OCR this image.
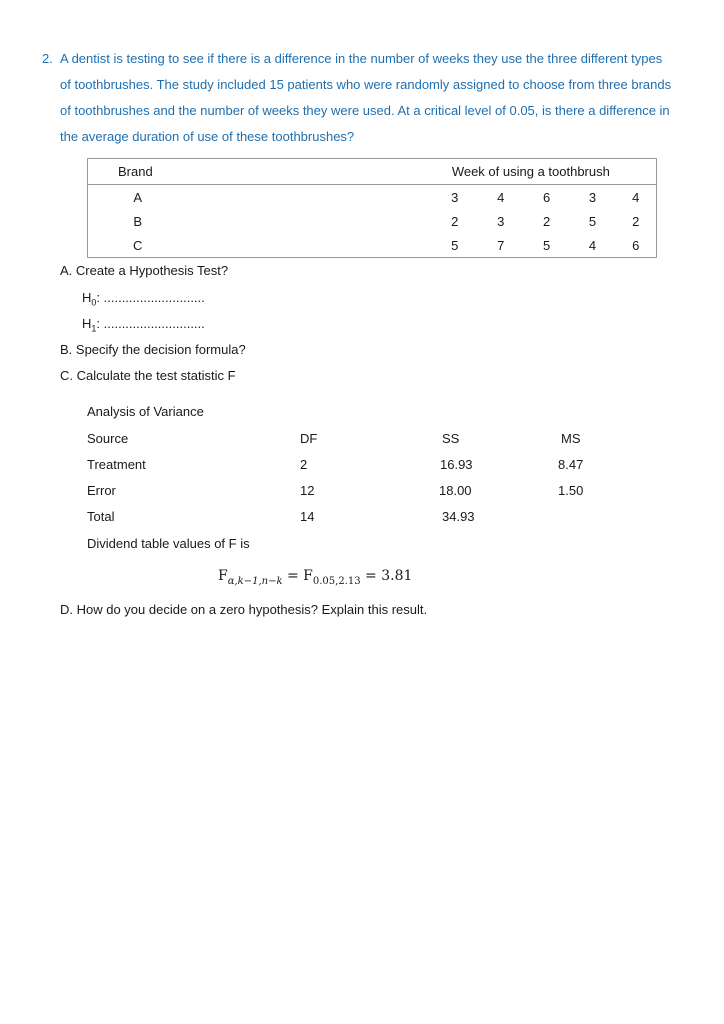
2. A dentist is testing to see if there is a difference in the number of weeks they use the three different types
of toothbrushes. The study included 15 patients who were randomly assigned to choose from three brands
of toothbrushes and the number of weeks they were used. At a critical level of 0.05, is there a difference in
the average duration of use of these toothbrushes?
Brand		Week of using a toothbrush				
A		3	4	6	3	4
B		2	3	2	5	2
C		5	7	5	4	6
A. Create a Hypothesis Test?
$H_0$: ............................
$H_1$: ............................
B. Specify the decision formula?
C. Calculate the test statistic F
Analysis of Variance
Source	DF	SS	MS
Treatment	2	16.93	8.47
Error	12	18.00	1.50
Total	14	34.93
Dividend table values of F is
$F_{\alpha,k-1,n-k} = F_{0.05,2.13} = 3.81$
D. How do you decide on a zero hypothesis? Explain this result.
